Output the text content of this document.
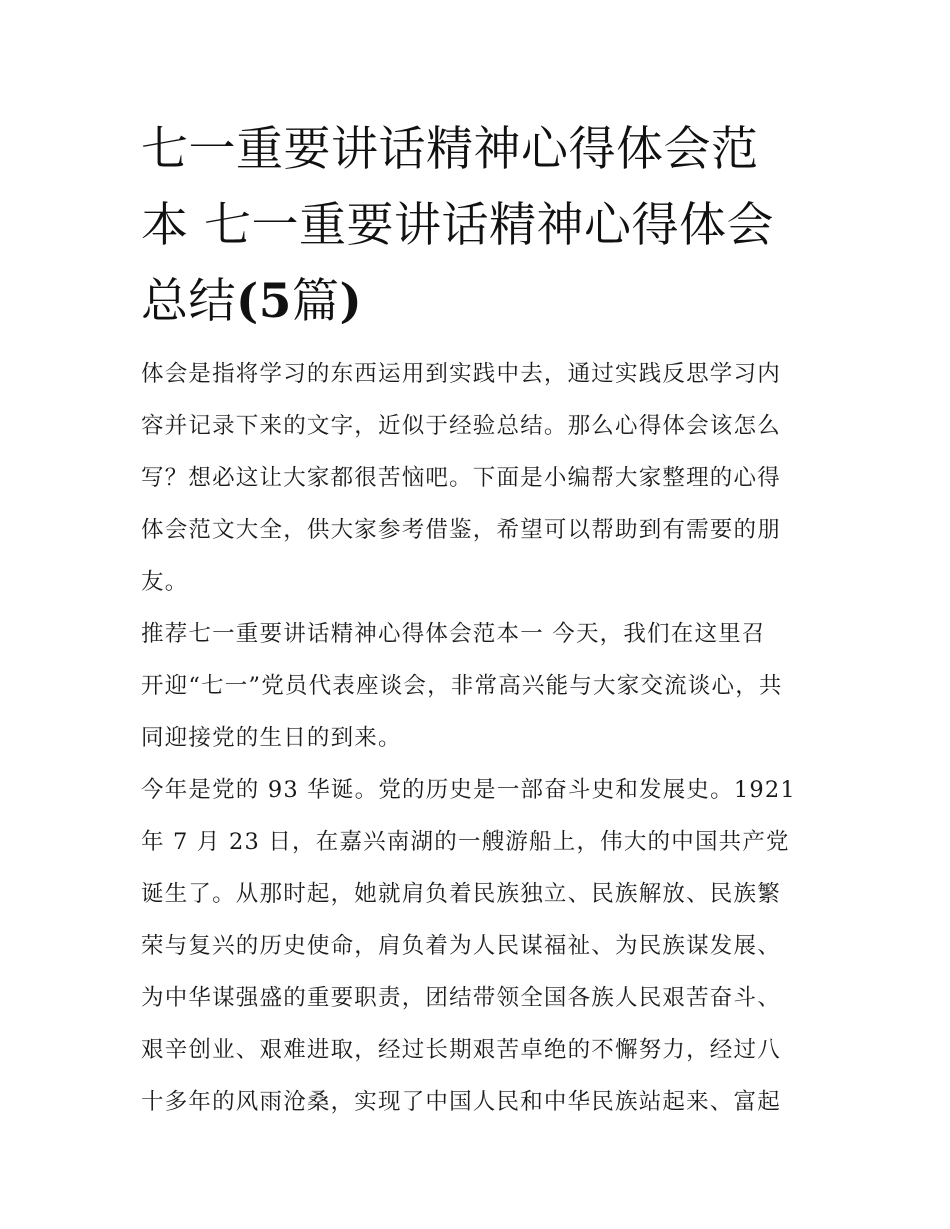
七一重要讲话精神心得体会范
本 七一重要讲话精神心得体会
总结(5篇)

体会是指将学习的东西运用到实践中去，通过实践反思学习内
容并记录下来的文字，近似于经验总结。那么心得体会该怎么
写？想必这让大家都很苦恼吧。下面是小编帮大家整理的心得
体会范文大全，供大家参考借鉴，希望可以帮助到有需要的朋
友。

推荐七一重要讲话精神心得体会范本一 今天，我们在这里召
开迎“七一”党员代表座谈会，非常高兴能与大家交流谈心，共
同迎接党的生日的到来。

今年是党的 93 华诞。党的历史是一部奋斗史和发展史。1921
年 7 月 23 日，在嘉兴南湖的一艘游船上，伟大的中国共产党
诞生了。从那时起，她就肩负着民族独立、民族解放、民族繁
荣与复兴的历史使命，肩负着为人民谋福祉、为民族谋发展、
为中华谋强盛的重要职责，团结带领全国各族人民艰苦奋斗、
艰辛创业、艰难进取，经过长期艰苦卓绝的不懈努力，经过八
十多年的风雨沧桑，实现了中国人民和中华民族站起来、富起
